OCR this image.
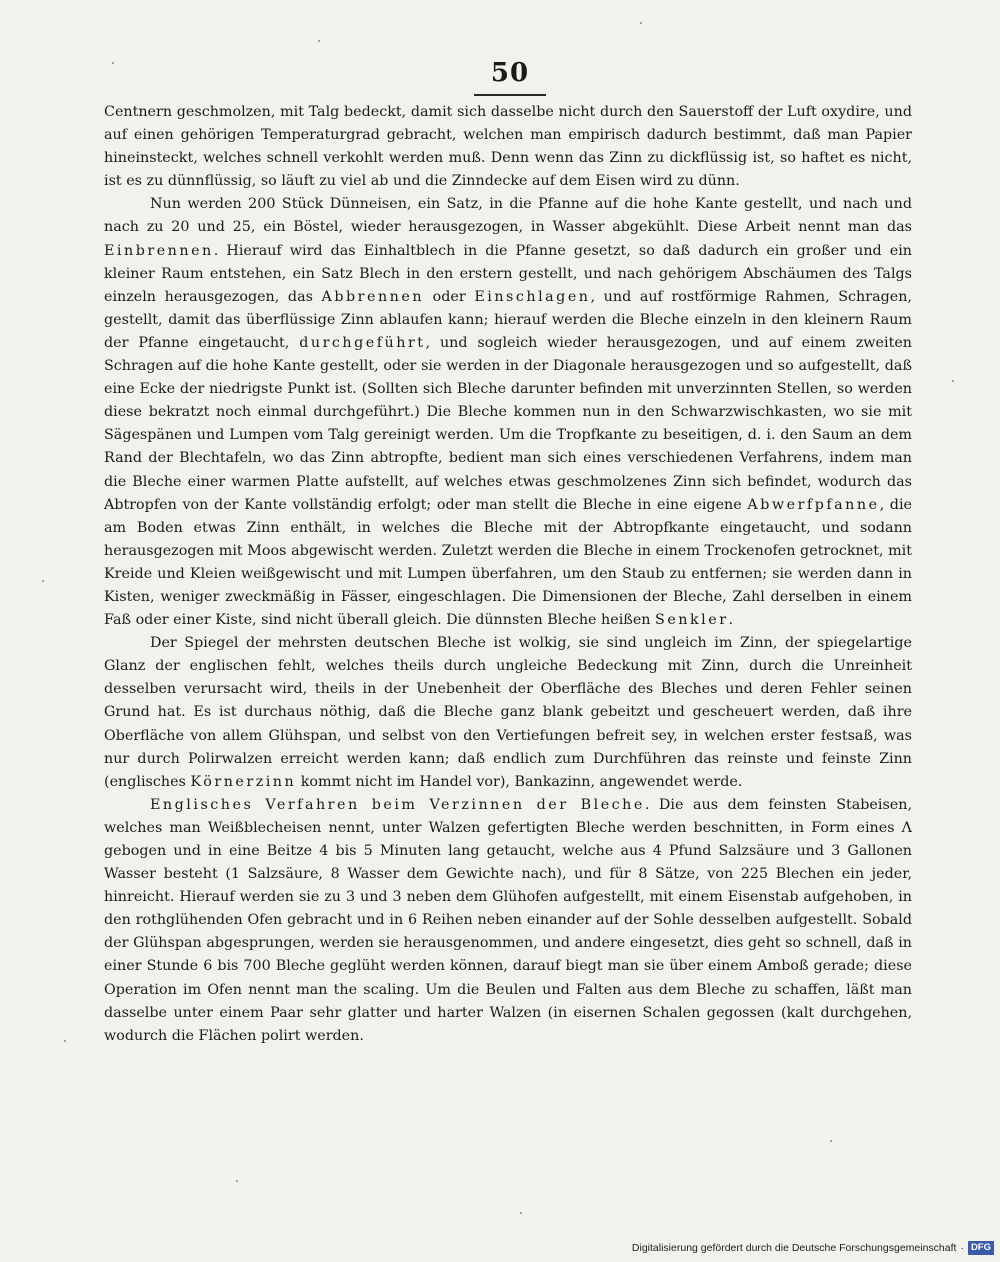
50

Centnern geschmolzen, mit Talg bedeckt, damit sich dasselbe nicht durch den Sauerstoff der Luft oxydire, und auf einen gehörigen Temperaturgrad gebracht, welchen man empirisch dadurch bestimmt, daß man Papier hineinsteckt, welches schnell verkohlt werden muß. Denn wenn das Zinn zu dickflüssig ist, so haftet es nicht, ist es zu dünnflüssig, so läuft zu viel ab und die Zinndecke auf dem Eisen wird zu dünn.

Nun werden 200 Stück Dünneisen, ein Satz, in die Pfanne auf die hohe Kante gestellt, und nach und nach zu 20 und 25, ein Böstel, wieder herausgezogen, in Wasser abgekühlt. Diese Arbeit nennt man das Einbrennen. Hierauf wird das Einhaltblech in die Pfanne gesetzt, so daß dadurch ein großer und ein kleiner Raum entstehen, ein Satz Blech in den erstern gestellt, und nach gehörigem Abschäumen des Talgs einzeln herausgezogen, das Abbrennen oder Einschlagen, und auf rostförmige Rahmen, Schragen, gestellt, damit das überflüssige Zinn ablaufen kann; hierauf werden die Bleche einzeln in den kleinern Raum der Pfanne eingetaucht, durchgeführt, und sogleich wieder herausgezogen, und auf einem zweiten Schragen auf die hohe Kante gestellt, oder sie werden in der Diagonale herausgezogen und so aufgestellt, daß eine Ecke der niedrigste Punkt ist. (Sollten sich Bleche darunter befinden mit unverzinnten Stellen, so werden diese bekratzt noch einmal durchgeführt.) Die Bleche kommen nun in den Schwarzwischkasten, wo sie mit Sägespänen und Lumpen vom Talg gereinigt werden. Um die Tropfkante zu beseitigen, d. i. den Saum an dem Rand der Blechtafeln, wo das Zinn abtropfte, bedient man sich eines verschiedenen Verfahrens, indem man die Bleche einer warmen Platte aufstellt, auf welches etwas geschmolzenes Zinn sich befindet, wodurch das Abtropfen von der Kante vollständig erfolgt; oder man stellt die Bleche in eine eigene Abwerfpfanne, die am Boden etwas Zinn enthält, in welches die Bleche mit der Abtropfkante eingetaucht, und sodann herausgezogen mit Moos abgewischt werden. Zuletzt werden die Bleche in einem Trockenofen getrocknet, mit Kreide und Kleien weißgewischt und mit Lumpen überfahren, um den Staub zu entfernen; sie werden dann in Kisten, weniger zweckmäßig in Fässer, eingeschlagen. Die Dimensionen der Bleche, Zahl derselben in einem Faß oder einer Kiste, sind nicht überall gleich. Die dünnsten Bleche heißen Senkler.

Der Spiegel der mehrsten deutschen Bleche ist wolkig, sie sind ungleich im Zinn, der spiegelartige Glanz der englischen fehlt, welches theils durch ungleiche Bedeckung mit Zinn, durch die Unreinheit desselben verursacht wird, theils in der Unebenheit der Oberfläche des Bleches und deren Fehler seinen Grund hat. Es ist durchaus nöthig, daß die Bleche ganz blank gebeitzt und gescheuert werden, daß ihre Oberfläche von allem Glühspan, und selbst von den Vertiefungen befreit sey, in welchen erster festsaß, was nur durch Polirwalzen erreicht werden kann; daß endlich zum Durchführen das reinste und feinste Zinn (englisches Körnerzinn kommt nicht im Handel vor), Bankazinn, angewendet werde.

Englisches Verfahren beim Verzinnen der Bleche. Die aus dem feinsten Stabeisen, welches man Weißblecheisen nennt, unter Walzen gefertigten Bleche werden beschnitten, in Form eines Λ gebogen und in eine Beitze 4 bis 5 Minuten lang getaucht, welche aus 4 Pfund Salzsäure und 3 Gallonen Wasser besteht (1 Salzsäure, 8 Wasser dem Gewichte nach), und für 8 Sätze, von 225 Blechen ein jeder, hinreicht. Hierauf werden sie zu 3 und 3 neben dem Glühofen aufgestellt, mit einem Eisenstab aufgehoben, in den rothglühenden Ofen gebracht und in 6 Reihen neben einander auf der Sohle desselben aufgestellt. Sobald der Glühspan abgesprungen, werden sie herausgenommen, und andere eingesetzt, dies geht so schnell, daß in einer Stunde 6 bis 700 Bleche geglüht werden können, darauf biegt man sie über einem Amboß gerade; diese Operation im Ofen nennt man the scaling. Um die Beulen und Falten aus dem Bleche zu schaffen, läßt man dasselbe unter einem Paar sehr glatter und harter Walzen (in eisernen Schalen gegossen (kalt durchgehen, wodurch die Flächen polirt werden.

Digitalisierung gefördert durch die Deutsche Forschungsgemeinschaft · DFG
